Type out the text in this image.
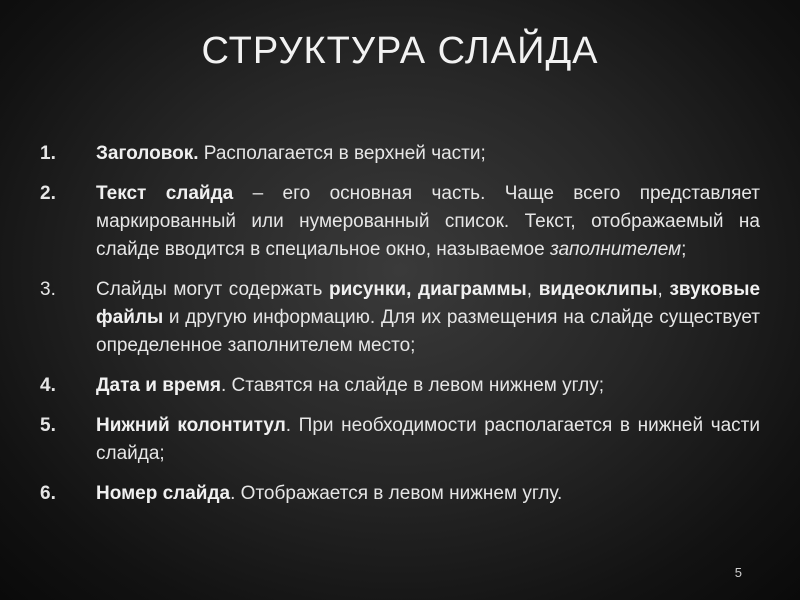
СТРУКТУРА СЛАЙДА
1.	Заголовок. Располагается в верхней части;
2.	Текст слайда – его основная часть. Чаще всего представляет маркированный или нумерованный список. Текст, отображаемый на слайде вводится в специальное окно, называемое заполнителем;
3.	Слайды могут содержать рисунки, диаграммы, видеоклипы, звуковые файлы и другую информацию. Для их размещения на слайде существует определенное заполнителем место;
4.	Дата и время. Ставятся на слайде в левом нижнем углу;
5.	Нижний колонтитул. При необходимости располагается в нижней части слайда;
6.	Номер слайда. Отображается в левом нижнем углу.
5
